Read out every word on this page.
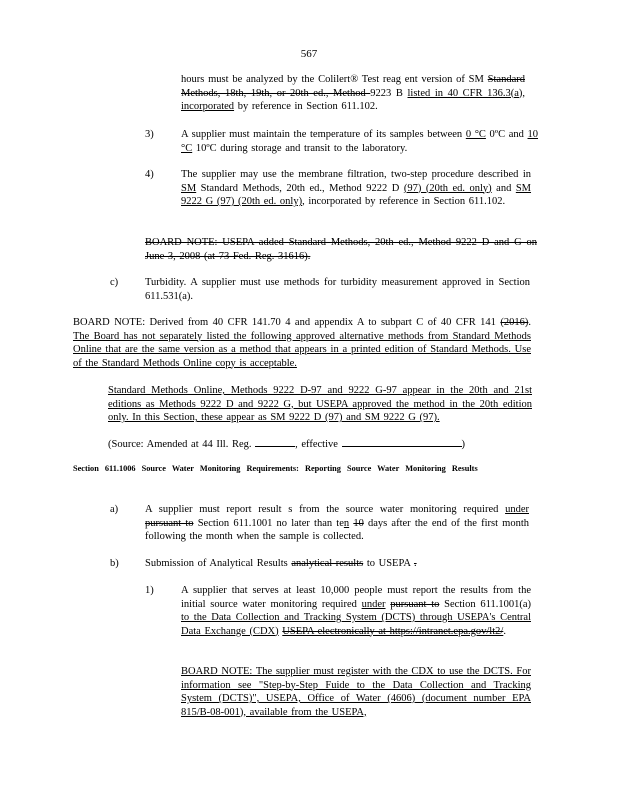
567
hours must be analyzed by the Colilert® Test reag ent version of SM Standard Methods, 18th, 19th, or 20th ed., Method 9223 B listed in 40 CFR 136.3(a), incorporated by reference in Section 611.102.
3)	A supplier must maintain the temperature of its samples between 0 °C 0ºC and 10 °C 10ºC during storage and transit to the laboratory.
4)	The supplier may use the membrane filtration, two-step procedure described in SM Standard Methods, 20th ed., Method 9222 D (97) (20th ed. only) and SM 9222 G (97) (20th ed. only), incorporated by reference in Section 611.102.
BOARD NOTE: USEPA added Standard Methods, 20th ed., Method 9222 D and G on June 3, 2008 (at 73 Fed. Reg. 31616).
c)	Turbidity. A supplier must use methods for turbidity measurement approved in Section 611.531(a).
BOARD NOTE: Derived from 40 CFR 141.70 4 and appendix A to subpart C of 40 CFR 141 (2016). The Board has not separately listed the following approved alternative methods from Standard Methods Online that are the same version as a method that appears in a printed edition of Standard Methods. Use of the Standard Methods Online copy is acceptable.
Standard Methods Online, Methods 9222 D-97 and 9222 G-97 appear in the 20th and 21st editions as Methods 9222 D and 9222 G, but USEPA approved the method in the 20th edition only. In this Section, these appear as SM 9222 D (97) and SM 9222 G (97).
(Source: Amended at 44 Ill. Reg.	, effective	)
Section 611.1006 Source Water Monitoring Requirements: Reporting Source Water Monitoring Results
a)	A supplier must report result s from the source water monitoring required under pursuant to Section 611.1001 no later than ten 10 days after the end of the first month following the month when the sample is collected.
b)	Submission of Analytical Results analytical results to USEPA .
1)	A supplier that serves at least 10,000 people must report the results from the initial source water monitoring required under pursuant to Section 611.1001(a) to the Data Collection and Tracking System (DCTS) through USEPA's Central Data Exchange (CDX) USEPA electronically at https://intranet.epa.gov/lt2/.
BOARD NOTE: The supplier must register with the CDX to use the DCTS. For information see "Step-by-Step Fuide to the Data Collection and Tracking System (DCTS)", USEPA, Office of Water (4606) (document number EPA 815/B-08-001), available from the USEPA,
